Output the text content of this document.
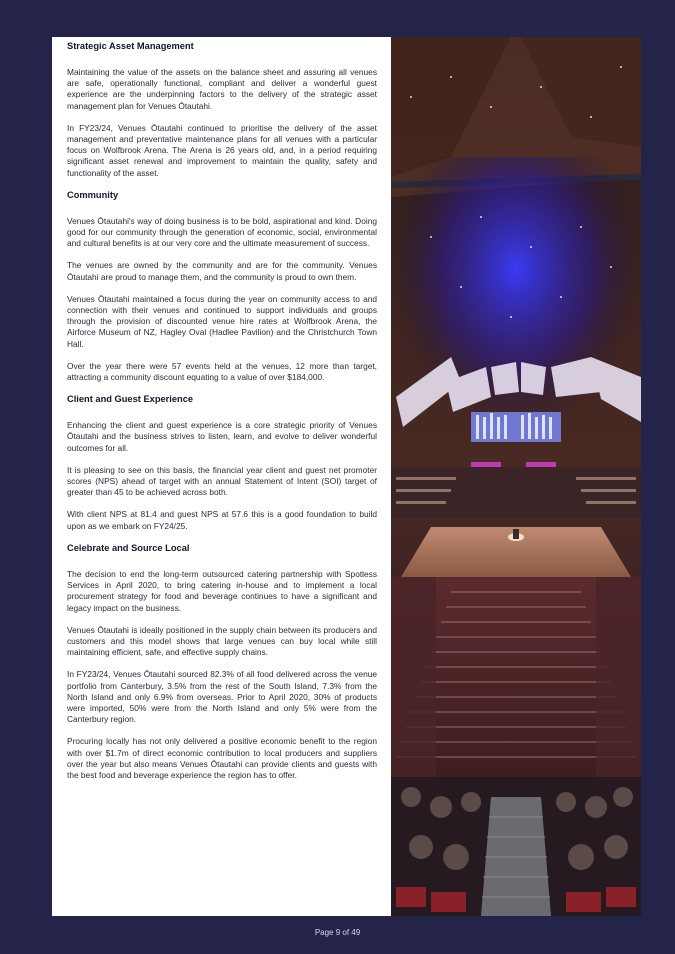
Strategic Asset Management

Maintaining the value of the assets on the balance sheet and assuring all venues are safe, operationally functional, compliant and deliver a wonderful guest experience are the underpinning factors to the delivery of the strategic asset management plan for Venues Ōtautahi.

In FY23/24, Venues Ōtautahi continued to prioritise the delivery of the asset management and preventative maintenance plans for all venues with a particular focus on Wolfbrook Arena. The Arena is 26 years old, and, in a period requiring significant asset renewal and improvement to maintain the quality, safety and functionality of the asset.

Community

Venues Ōtautahi's way of doing business is to be bold, aspirational and kind. Doing good for our community through the generation of economic, social, environmental and cultural benefits is at our very core and the ultimate measurement of success.

The venues are owned by the community and are for the community. Venues Ōtautahi are proud to manage them, and the community is proud to own them.

Venues Ōtautahi maintained a focus during the year on community access to and connection with their venues and continued to support individuals and groups through the provision of discounted venue hire rates at Wolfbrook Arena, the Airforce Museum of NZ, Hagley Oval (Hadlee Pavilion) and the Christchurch Town Hall.

Over the year there were 57 events held at the venues, 12 more than target, attracting a community discount equating to a value of over $184,000.

Client and Guest Experience

Enhancing the client and guest experience is a core strategic priority of Venues Ōtautahi and the business strives to listen, learn, and evolve to deliver wonderful outcomes for all.

It is pleasing to see on this basis, the financial year client and guest net promoter scores (NPS) ahead of target with an annual Statement of Intent (SOI) target of greater than 45 to be achieved across both.

With client NPS at 81.4 and guest NPS at 57.6 this is a good foundation to build upon as we embark on FY24/25.

Celebrate and Source Local

The decision to end the long-term outsourced catering partnership with Spotless Services in April 2020, to bring catering in-house and to implement a local procurement strategy for food and beverage continues to have a significant and legacy impact on the business.

Venues Ōtautahi is ideally positioned in the supply chain between its producers and customers and this model shows that large venues can buy local while still maintaining efficient, safe, and effective supply chains.

In FY23/24, Venues Ōtautahi sourced 82.3% of all food delivered across the venue portfolio from Canterbury, 3.5% from the rest of the South Island, 7.3% from the North Island and only 6.9% from overseas. Prior to April 2020, 30% of products were imported, 50% were from the North Island and only 5% were from the Canterbury region.

Procuring locally has not only delivered a positive economic benefit to the region with over $1.7m of direct economic contribution to local producers and suppliers over the year but also means Venues Ōtautahi can provide clients and guests with the best food and beverage experience the region has to offer.

Page 9 of 49
